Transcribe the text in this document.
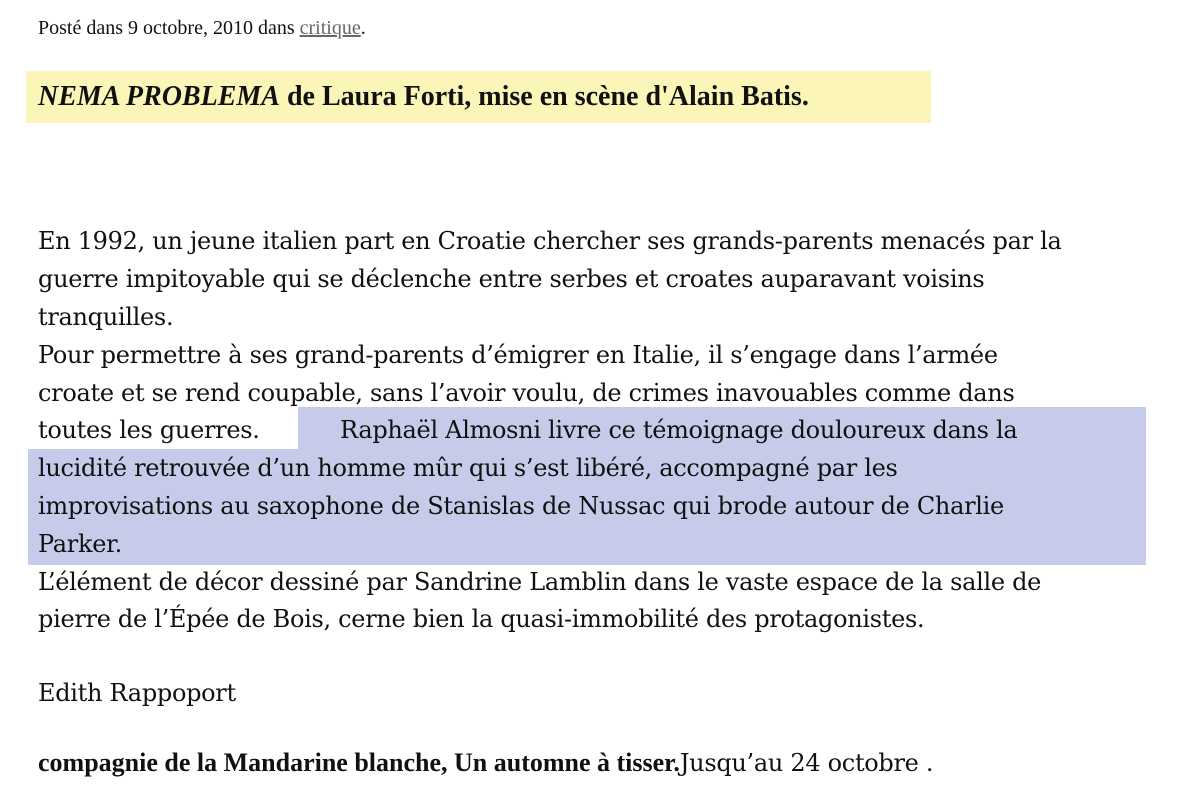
Posté dans 9 octobre, 2010 dans critique.
NEMA PROBLEMA de Laura Forti, mise en scène d'Alain Batis.
En 1992, un jeune italien part en Croatie chercher ses grands-parents menacés par la
guerre impitoyable qui se déclenche entre serbes et croates auparavant voisins
tranquilles.
Pour permettre à ses grand-parents d’émigrer en Italie, il s’engage dans l’armée
croate et se rend coupable, sans l’avoir voulu, de crimes inavouables comme dans
toutes les guerres.	Raphaël Almosni livre ce témoignage douloureux dans la
lucidité retrouvée d’un homme mûr qui s’est libéré, accompagné par les
improvisations au saxophone de Stanislas de Nussac qui brode autour de Charlie
Parker.
L’élément de décor dessiné par Sandrine Lamblin dans le vaste espace de la salle de
pierre de l’Épée de Bois, cerne bien la quasi-immobilité des protagonistes.
Edith Rappoport
compagnie de la Mandarine blanche, Un automne à tisser.Jusqu’au 24 octobre .
